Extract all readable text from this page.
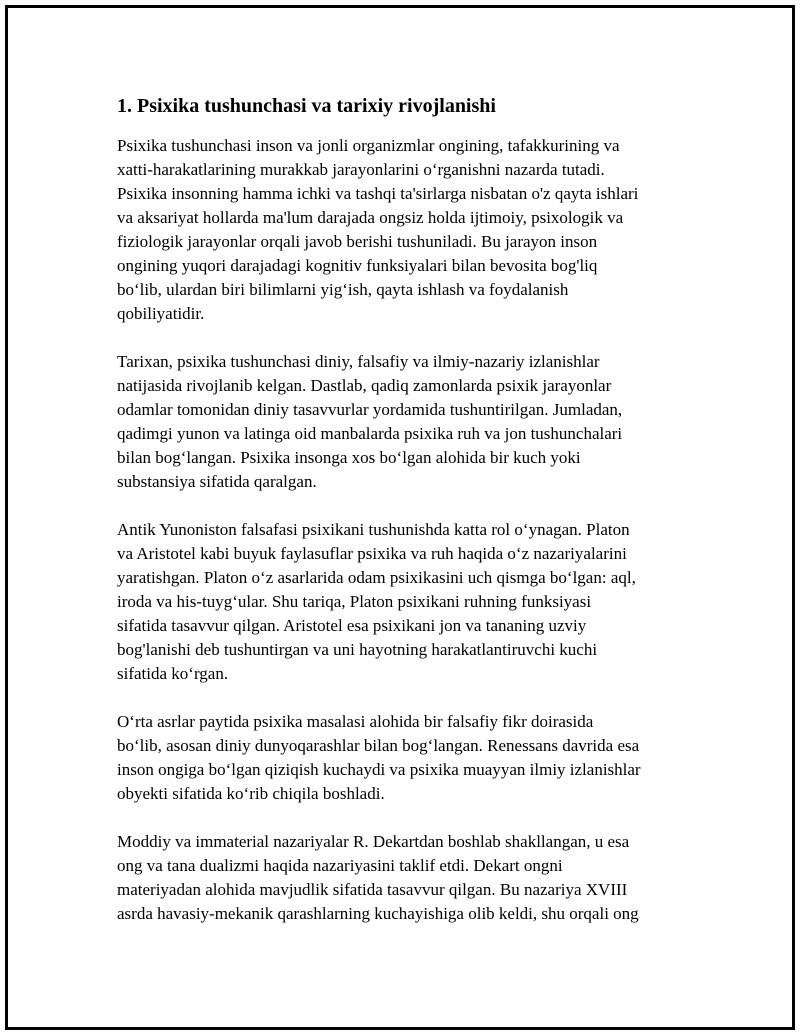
1. Psixika tushunchasi va tarixiy rivojlanishi

Psixika tushunchasi inson va jonli organizmlar ongining, tafakkurining va
xatti-harakatlarining murakkab jarayonlarini o‘rganishni nazarda tutadi.
Psixika insonning hamma ichki va tashqi ta'sirlarga nisbatan o'z qayta ishlari
va aksariyat hollarda ma'lum darajada ongsiz holda ijtimoiy, psixologik va
fiziologik jarayonlar orqali javob berishi tushuniladi. Bu jarayon inson
ongining yuqori darajadagi kognitiv funksiyalari bilan bevosita bog'liq
bo‘lib, ulardan biri bilimlarni yig‘ish, qayta ishlash va foydalanish
qobiliyatidir.

Tarixan, psixika tushunchasi diniy, falsafiy va ilmiy-nazariy izlanishlar
natijasida rivojlanib kelgan. Dastlab, qadiq zamonlarda psixik jarayonlar
odamlar tomonidan diniy tasavvurlar yordamida tushuntirilgan. Jumladan,
qadimgi yunon va latinga oid manbalarda psixika ruh va jon tushunchalari
bilan bog‘langan. Psixika insonga xos bo‘lgan alohida bir kuch yoki
substansiya sifatida qaralgan.

Antik Yunoniston falsafasi psixikani tushunishda katta rol o‘ynagan. Platon
va Aristotel kabi buyuk faylasuflar psixika va ruh haqida o‘z nazariyalarini
yaratishgan. Platon o‘z asarlarida odam psixikasini uch qismga bo‘lgan: aql,
iroda va his-tuyg‘ular. Shu tariqa, Platon psixikani ruhning funksiyasi
sifatida tasavvur qilgan. Aristotel esa psixikani jon va tananing uzviy
bog'lanishi deb tushuntirgan va uni hayotning harakatlantiruvchi kuchi
sifatida ko‘rgan.

O‘rta asrlar paytida psixika masalasi alohida bir falsafiy fikr doirasida
bo‘lib, asosan diniy dunyoqarashlar bilan bog‘langan. Renessans davrida esa
inson ongiga bo‘lgan qiziqish kuchaydi va psixika muayyan ilmiy izlanishlar
obyekti sifatida ko‘rib chiqila boshladi.

Moddiy va immaterial nazariyalar R. Dekartdan boshlab shakllangan, u esa
ong va tana dualizmi haqida nazariyasini taklif etdi. Dekart ongni
materiyadan alohida mavjudlik sifatida tasavvur qilgan. Bu nazariya XVIII
asrda havasiy-mekanik qarashlarning kuchayishiga olib keldi, shu orqali ong
